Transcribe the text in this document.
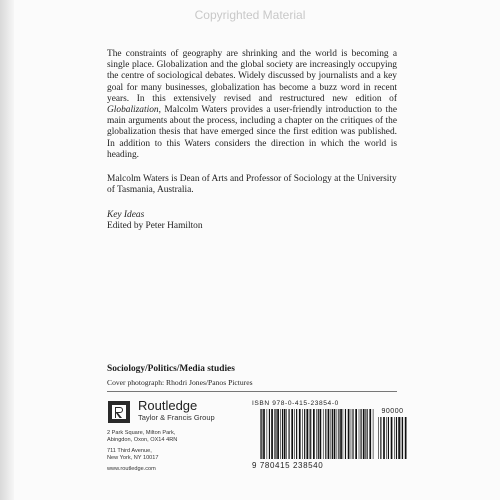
Copyrighted Material

The constraints of geography are shrinking and the world is becoming a single place. Globalization and the global society are increasingly occupying the centre of sociological debates. Widely discussed by journalists and a key goal for many businesses, globalization has become a buzz word in recent years. In this extensively revised and restructured new edition of Globalization, Malcolm Waters provides a user-friendly introduction to the main arguments about the process, including a chapter on the critiques of the globalization thesis that have emerged since the first edition was published. In addition to this Waters considers the direction in which the world is heading.

Malcolm Waters is Dean of Arts and Professor of Sociology at the University of Tasmania, Australia.
Key Ideas
Edited by Peter Hamilton
Sociology/Politics/Media studies
Cover photograph: Rhodri Jones/Panos Pictures
Routledge
Taylor & Francis Group

2 Park Square, Milton Park,

Abingdon, Oxon, OX14 4RN

711 Third Avenue,

New York, NY 10017

www.routledge.com

ISBN 978-0-415-23854-0
90000
9 780415 238540
